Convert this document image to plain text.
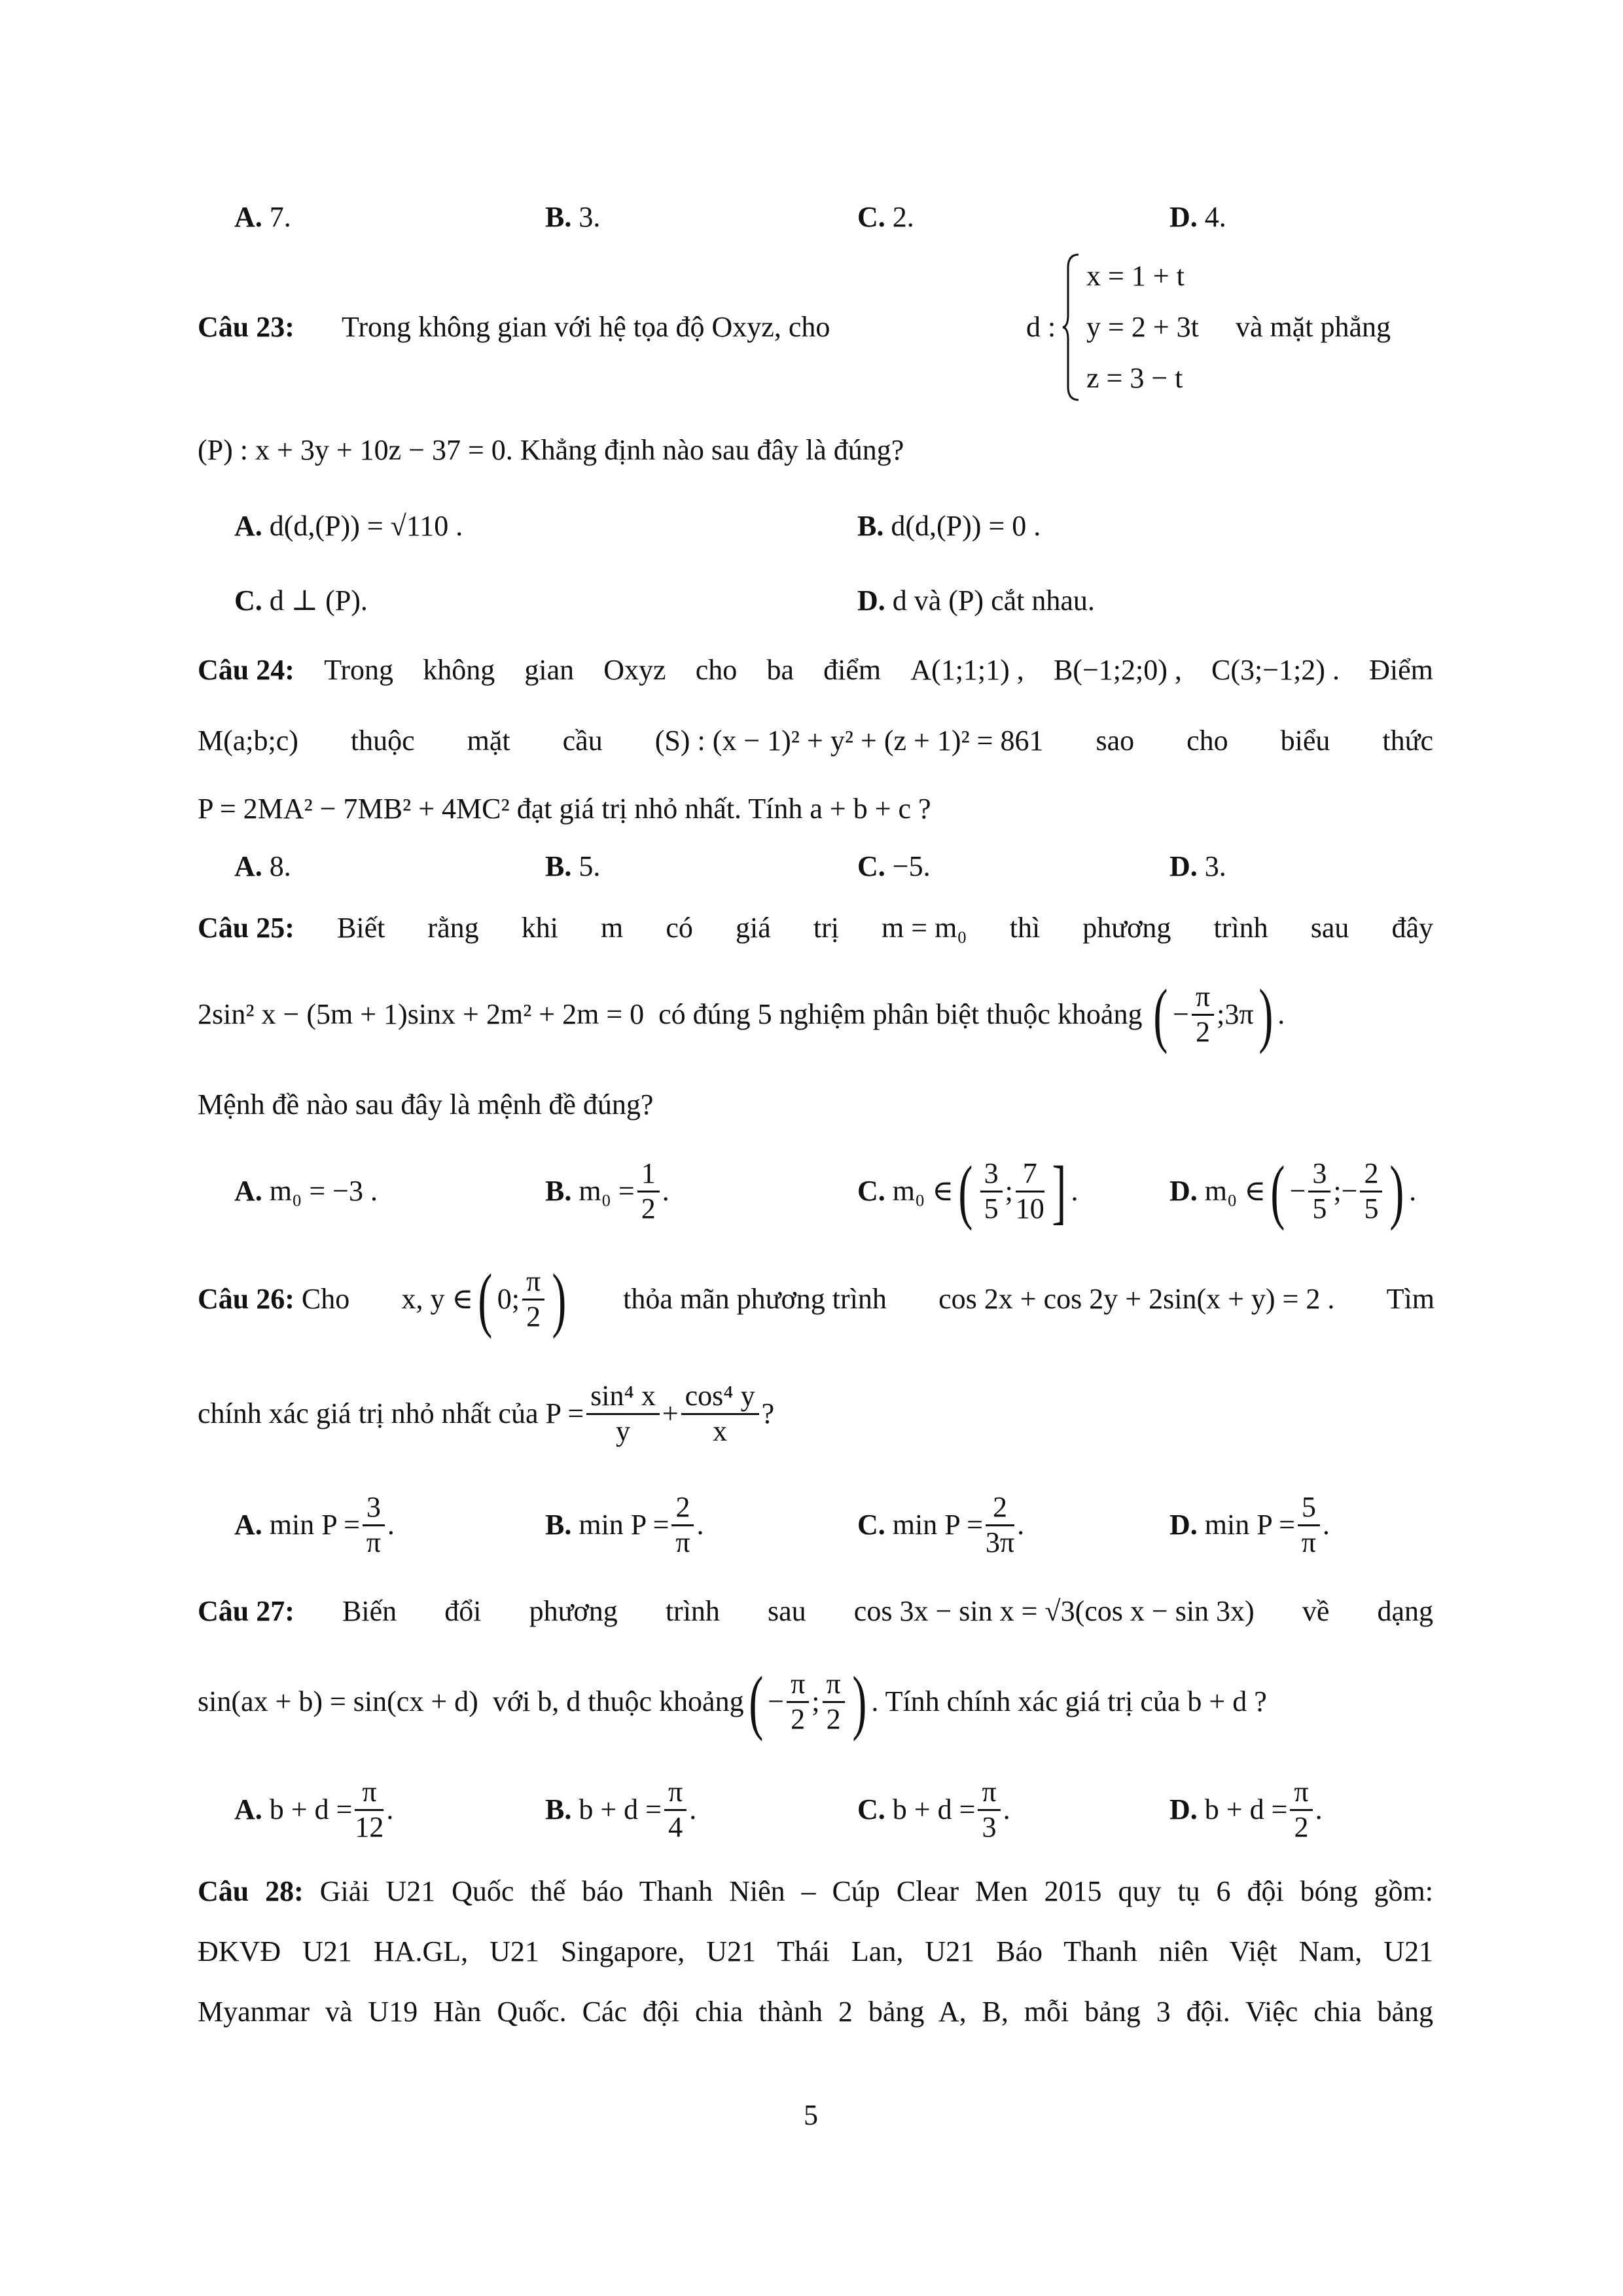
A. 7.	B. 3.	C. 2.	D. 4.
Câu 23: Trong không gian với hệ tọa độ Oxyz, cho	d :
x = 1 + t
y = 2 + 3t
z = 3 − t
và mặt phẳng
(P) : x + 3y + 10z − 37 = 0. Khẳng định nào sau đây là đúng?
A. d(d,(P)) = √110 .	B. d(d,(P)) = 0 .
C. d ⊥ (P).	D. d và (P) cắt nhau.
Câu 24: Trong không gian Oxyz cho ba điểm A(1;1;1) , B(−1;2;0) , C(3;−1;2) . Điểm
M(a;b;c) thuộc mặt cầu (S) : (x − 1)² + y² + (z + 1)² = 861 sao cho biểu thức
P = 2MA² − 7MB² + 4MC² đạt giá trị nhỏ nhất. Tính a + b + c ?
A. 8.	B. 5.	C. −5.	D. 3.
Câu 25: Biết rằng khi m có giá trị m = m₀ thì phương trình sau đây
2sin² x − (5m + 1)sinx + 2m² + 2m = 0 có đúng 5 nghiệm phân biệt thuộc khoảng ( − $\frac{\pi}{2}$ ;3π ) .
Mệnh đề nào sau đây là mệnh đề đúng?
A.
m₀ = −3 .	B.
$m_0 = \frac{1}{2}$ .	C.
m₀ ∈ ( $\frac{3}{5}$ ; $\frac{7}{10}$ ] .	D.
m₀ ∈ ( − $\frac{3}{5}$ ;− $\frac{2}{5}$ ) .
Câu 26: Cho x, y ∈ ( 0; $\frac{\pi}{2}$ ) thỏa mãn phương trình cos 2x + cos 2y + 2sin(x + y) = 2 . Tìm
chính xác giá trị nhỏ nhất của
$P = \frac{\text{sin⁴ x}}{y} + \frac{\text{cos⁴ y}}{x}$ ?
A.
$\min P = \frac{3}{\pi}$ .	B.
$\min P = \frac{2}{\pi}$ .	C.
$\min P = \frac{2}{3\pi}$ .	D.
$\min P = \frac{5}{\pi}$ .
Câu 27: Biến đổi phương trình sau cos 3x − sin x = √3(cos x − sin 3x) về dạng
sin(ax + b) = sin(cx + d)
với b, d thuộc khoảng ( − $\frac{\pi}{2}$ ; $\frac{\pi}{2}$ ) . Tính chính xác giá trị của
b + d ?
A.
$b + d = \frac{\pi}{12}$ .	B.
$b + d = \frac{\pi}{4}$ .	C.
$b + d = \frac{\pi}{3}$ .	D.
$b + d = \frac{\pi}{2}$ .
Câu 28: Giải U21 Quốc thế báo Thanh Niên – Cúp Clear Men 2015 quy tụ 6 đội bóng gồm:
ĐKVĐ U21 HA.GL, U21 Singapore, U21 Thái Lan, U21 Báo Thanh niên Việt Nam, U21
Myanmar và U19 Hàn Quốc. Các đội chia thành 2 bảng A, B, mỗi bảng 3 đội. Việc chia bảng
5
